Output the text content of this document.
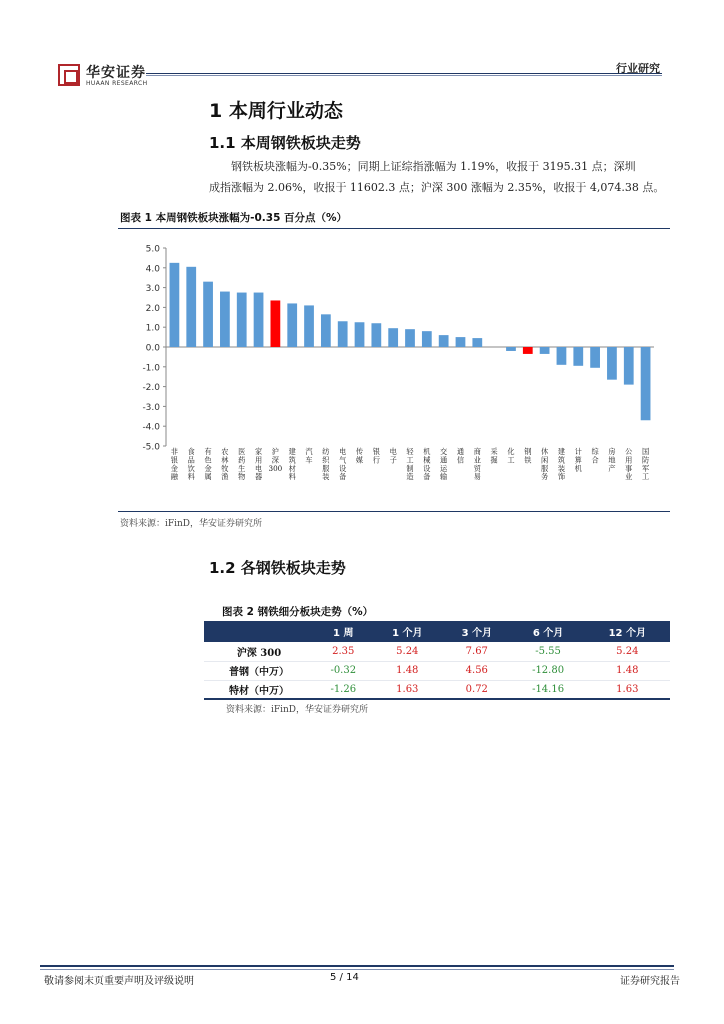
华安证券
HUAAN RESEARCH
行业研究
1 本周行业动态
1.1 本周钢铁板块走势
钢铁板块涨幅为-0.35%；同期上证综指涨幅为 1.19%，收报于 3195.31 点；深圳
成指涨幅为 2.06%，收报于 11602.3 点；沪深 300 涨幅为 2.35%，收报于 4,074.38 点。
图表 1 本周钢铁板块涨幅为-0.35 百分点（%）
5.0
4.0
3.0
2.0
1.0
0.0
-1.0
-2.0
-3.0
-4.0
-5.0 非银金融
食品饮料
有色金属
农林牧渔
医药生物
家用电器
沪深 300
建筑材料
汽车
纺织服装
电气设备
传媒
银行
电子
轻工制造
机械设备
交通运输
通信
商业贸易
采掘
化工
钢铁
休闲服务
建筑装饰
计算机
综合
房地产
公用事业
国防军工
资料来源：iFinD，华安证券研究所
1.2 各钢铁板块走势
图表 2 钢铁细分板块走势（%）
	1 周	1 个月	3 个月	6 个月	12 个月
沪深 300	2.35	5.24	7.67	-5.55	5.24
普钢（中万）	-0.32	1.48	4.56	-12.80	1.48
特材（中万）	-1.26	1.63	0.72	-14.16	1.63
资料来源：iFinD，华安证券研究所
敬请参阅末页重要声明及评级说明	5 / 14	证券研究报告
